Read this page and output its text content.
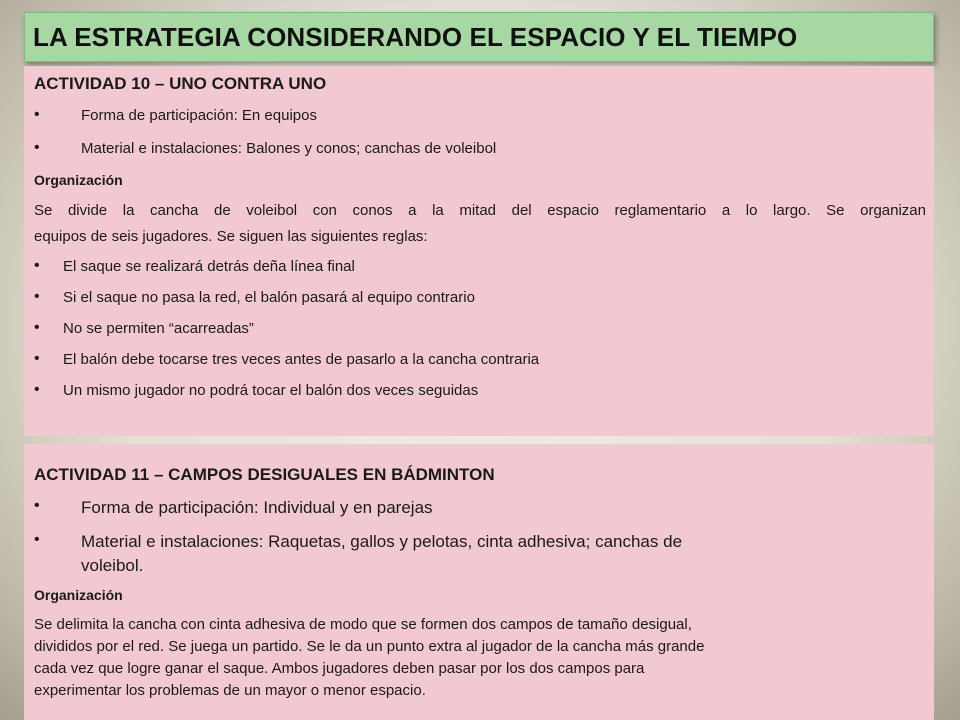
LA ESTRATEGIA CONSIDERANDO EL ESPACIO Y EL TIEMPO
ACTIVIDAD 10 – UNO CONTRA UNO
•	Forma de participación: En equipos
•	Material e instalaciones: Balones y conos; canchas de voleibol
Organización
Se divide la cancha de voleibol con conos a la mitad del espacio reglamentario a lo largo. Se organizan
equipos de seis jugadores. Se siguen las siguientes reglas:
• El saque se realizará detrás deña línea final
• Si el saque no pasa la red, el balón pasará al equipo contrario
• No se permiten “acarreadas”
• El balón debe tocarse tres veces antes de pasarlo a la cancha contraria
• Un mismo jugador no podrá tocar el balón dos veces seguidas
ACTIVIDAD 11 – CAMPOS DESIGUALES EN BÁDMINTON
• Forma de participación: Individual y en parejas
• Material e instalaciones: Raquetas, gallos y pelotas, cinta adhesiva; canchas de
voleibol.
Organización
Se delimita la cancha con cinta adhesiva de modo que se formen dos campos de tamaño desigual,
divididos por el red. Se juega un partido. Se le da un punto extra al jugador de la cancha más grande
cada vez que logre ganar el saque. Ambos jugadores deben pasar por los dos campos para
experimentar los problemas de un mayor o menor espacio.
